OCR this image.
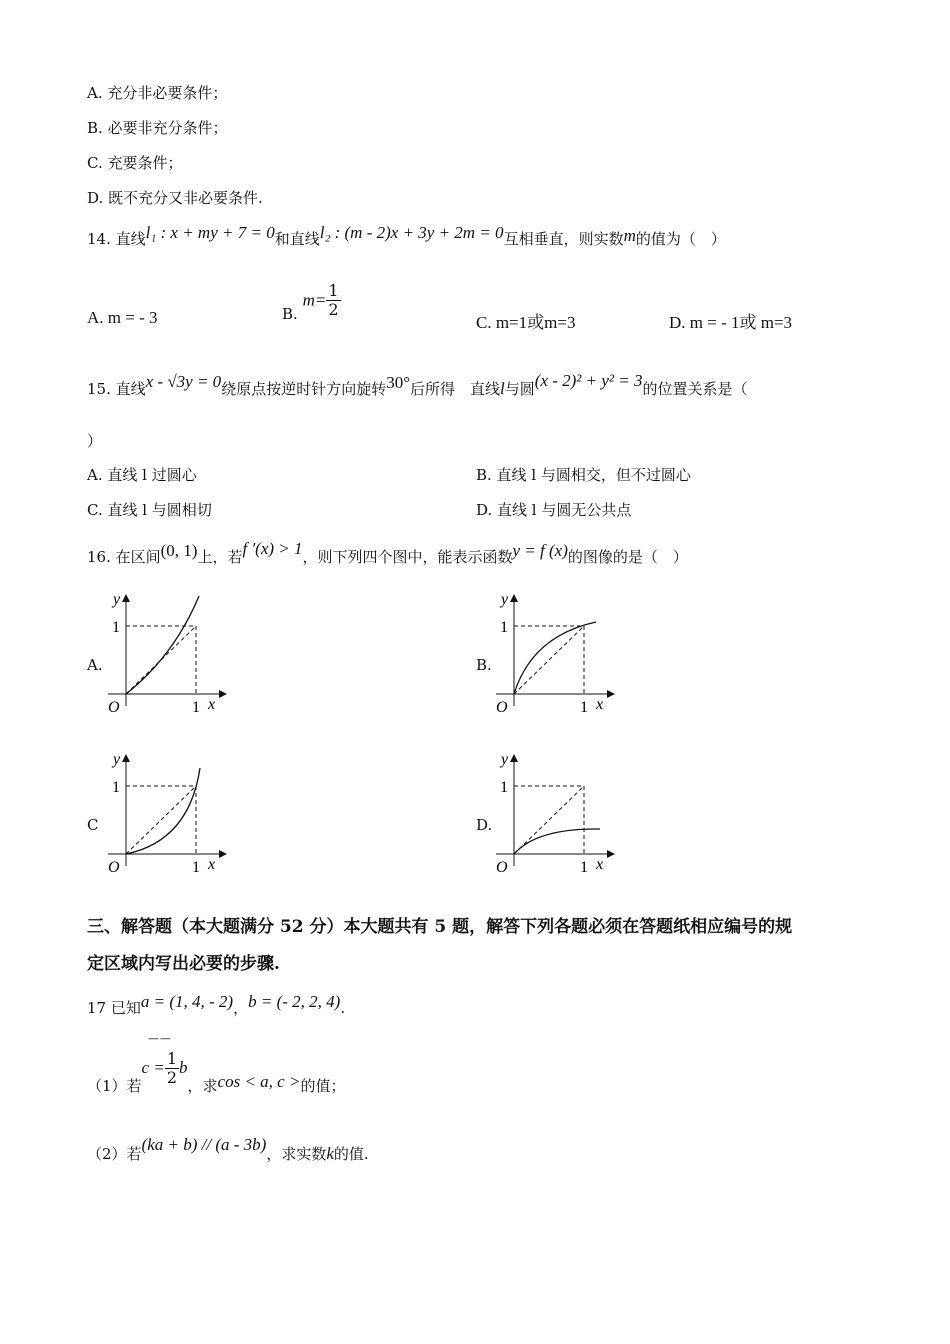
A. 充分非必要条件；
B. 必要非充分条件；
C. 充要条件；
D. 既不充分又非必要条件.
14. 直线l₁ : x + my + 7 = 0和直线l₂ : (m - 2)x + 3y + 2m = 0互相垂直，则实数m的值为（　）
A. m = - 3	B. $m= \frac{1}{2}$
C. m=1或m=3	D. m = - 1或 m=3
15. 直线x - √3y = 0绕原点按逆时针方向旋转30°后所得　直线l与圆(x - 2)² + y² = 3的位置关系是（
）
A. 直线 l 过圆心	B. 直线 l 与圆相交，但不过圆心
C. 直线 l 与圆相切	D. 直线 l 与圆无公共点
16. 在区间(0, 1)上，若f ′(x) > 1，则下列四个图中，能表示函数y = f (x)的图像的是（　）
A.
y
x
O	1
1
B.
y
x
O	1
1
C
y
x
O	1
1
D.
y
x
O	1
1
三、解答题（本大题满分 52 分）本大题共有 5 题，解答下列各题必须在答题纸相应编号的规
定区域内写出必要的步骤.
17 已知a = (1, 4, - 2)，b = (- 2, 2, 4).
——
（1）若$c = \frac{1}{2}$ b，求cos < a, c >的值；
（2）若(ka + b) // (a - 3b)，求实数k的值.
